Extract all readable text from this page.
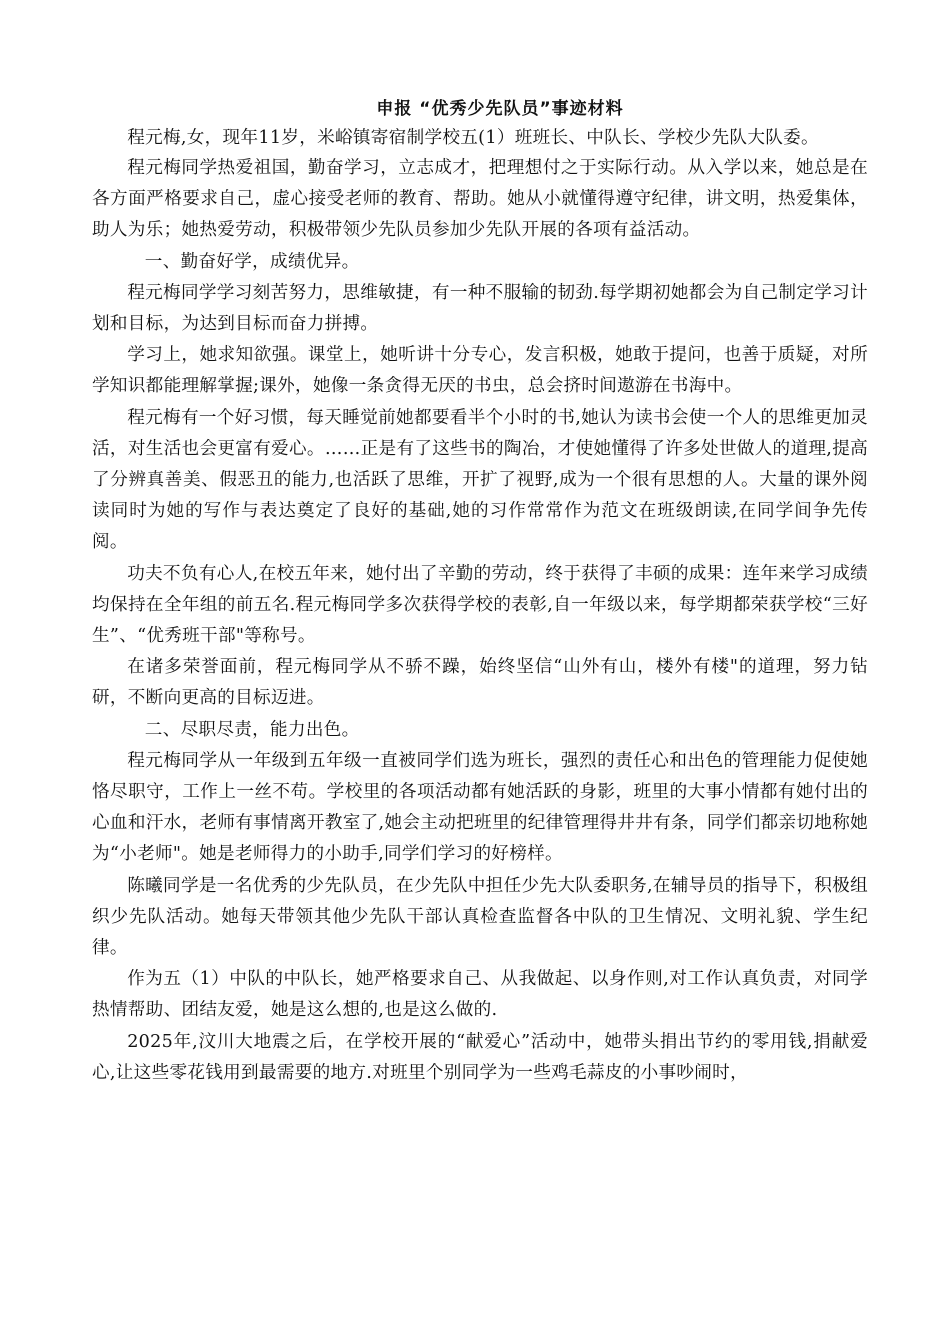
申报 “优秀少先队员”事迹材料

程元梅,女，现年11岁，米峪镇寄宿制学校五(1）班班长、中队长、学校少先队大队委。

程元梅同学热爱祖国，勤奋学习，立志成才，把理想付之于实际行动。从入学以来，她总是在各方面严格要求自己，虚心接受老师的教育、帮助。她从小就懂得遵守纪律，讲文明，热爱集体，助人为乐；她热爱劳动，积极带领少先队员参加少先队开展的各项有益活动。

一、勤奋好学，成绩优异。

程元梅同学学习刻苦努力，思维敏捷，有一种不服输的韧劲.每学期初她都会为自己制定学习计划和目标，为达到目标而奋力拼搏。

学习上，她求知欲强。课堂上，她听讲十分专心，发言积极，她敢于提问，也善于质疑，对所学知识都能理解掌握;课外，她像一条贪得无厌的书虫，总会挤时间遨游在书海中。

程元梅有一个好习惯，每天睡觉前她都要看半个小时的书,她认为读书会使一个人的思维更加灵活，对生活也会更富有爱心。……正是有了这些书的陶冶，才使她懂得了许多处世做人的道理,提高了分辨真善美、假恶丑的能力,也活跃了思维，开扩了视野,成为一个很有思想的人。大量的课外阅读同时为她的写作与表达奠定了良好的基础,她的习作常常作为范文在班级朗读,在同学间争先传阅。

功夫不负有心人,在校五年来，她付出了辛勤的劳动，终于获得了丰硕的成果：连年来学习成绩均保持在全年组的前五名.程元梅同学多次获得学校的表彰,自一年级以来，每学期都荣获学校“三好生”、“优秀班干部"等称号。

在诸多荣誉面前，程元梅同学从不骄不躁，始终坚信“山外有山，楼外有楼"的道理，努力钻研，不断向更高的目标迈进。

二、尽职尽责，能力出色。

程元梅同学从一年级到五年级一直被同学们选为班长，强烈的责任心和出色的管理能力促使她恪尽职守，工作上一丝不苟。学校里的各项活动都有她活跃的身影，班里的大事小情都有她付出的心血和汗水，老师有事情离开教室了,她会主动把班里的纪律管理得井井有条，同学们都亲切地称她为“小老师"。她是老师得力的小助手,同学们学习的好榜样。

陈曦同学是一名优秀的少先队员，在少先队中担任少先大队委职务,在辅导员的指导下，积极组织少先队活动。她每天带领其他少先队干部认真检查监督各中队的卫生情况、文明礼貌、学生纪律。

作为五（1）中队的中队长，她严格要求自己、从我做起、以身作则,对工作认真负责，对同学热情帮助、团结友爱，她是这么想的,也是这么做的.

2025年,汶川大地震之后，在学校开展的“献爱心”活动中，她带头捐出节约的零用钱,捐献爱心,让这些零花钱用到最需要的地方.对班里个别同学为一些鸡毛蒜皮的小事吵闹时，
